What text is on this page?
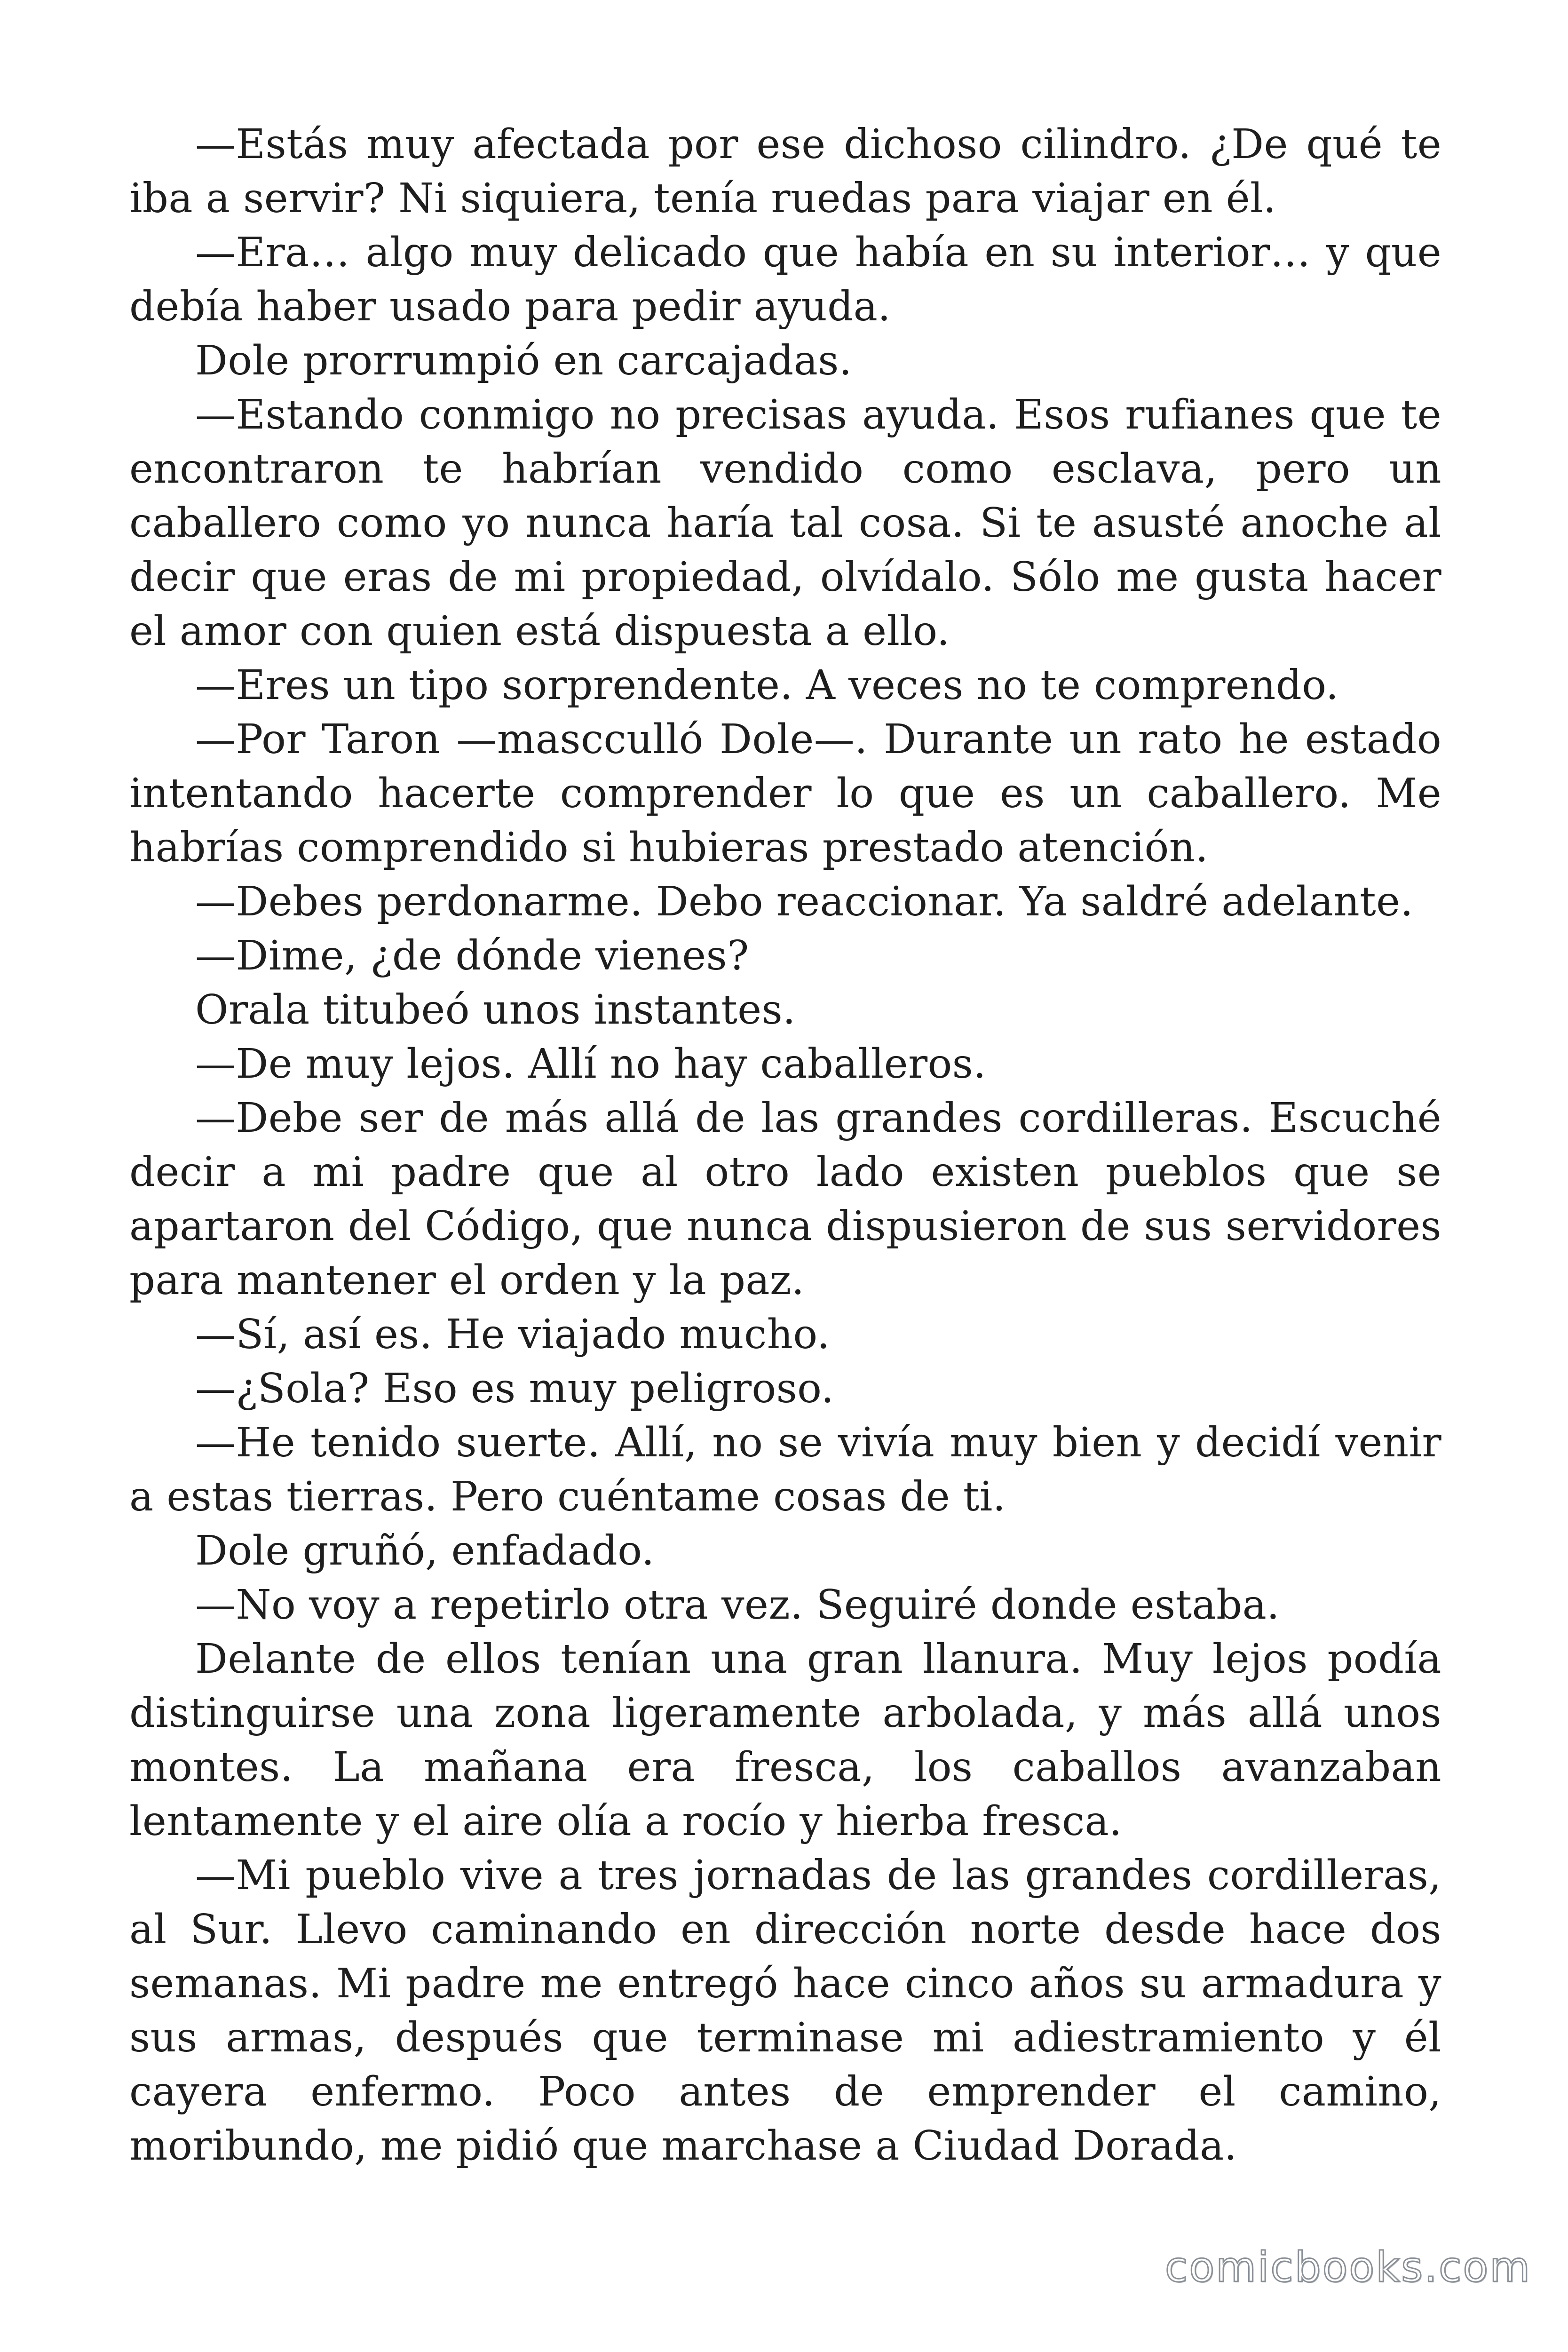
—Estás muy afectada por ese dichoso cilindro. ¿De qué te iba a servir? Ni siquiera, tenía ruedas para viajar en él.

—Era… algo muy delicado que había en su interior… y que debía haber usado para pedir ayuda.

Dole prorrumpió en carcajadas.

—Estando conmigo no precisas ayuda. Esos rufianes que te encontraron te habrían vendido como esclava, pero un caballero como yo nunca haría tal cosa. Si te asusté anoche al decir que eras de mi propiedad, olvídalo. Sólo me gusta hacer el amor con quien está dispuesta a ello.

—Eres un tipo sorprendente. A veces no te comprendo.

—Por Taron —mascculló Dole—. Durante un rato he estado intentando hacerte comprender lo que es un caballero. Me habrías comprendido si hubieras prestado atención.

—Debes perdonarme. Debo reaccionar. Ya saldré adelante.

—Dime, ¿de dónde vienes?

Orala titubeó unos instantes.

—De muy lejos. Allí no hay caballeros.

—Debe ser de más allá de las grandes cordilleras. Escuché decir a mi padre que al otro lado existen pueblos que se apartaron del Código, que nunca dispusieron de sus servidores para mantener el orden y la paz.

—Sí, así es. He viajado mucho.

—¿Sola? Eso es muy peligroso.

—He tenido suerte. Allí, no se vivía muy bien y decidí venir a estas tierras. Pero cuéntame cosas de ti.

Dole gruñó, enfadado.

—No voy a repetirlo otra vez. Seguiré donde estaba.

Delante de ellos tenían una gran llanura. Muy lejos podía distinguirse una zona ligeramente arbolada, y más allá unos montes. La mañana era fresca, los caballos avanzaban lentamente y el aire olía a rocío y hierba fresca.

—Mi pueblo vive a tres jornadas de las grandes cordilleras, al Sur. Llevo caminando en dirección norte desde hace dos semanas. Mi padre me entregó hace cinco años su armadura y sus armas, después que terminase mi adiestramiento y él cayera enfermo. Poco antes de emprender el camino, moribundo, me pidió que marchase a Ciudad Dorada.

comicbooks.com
